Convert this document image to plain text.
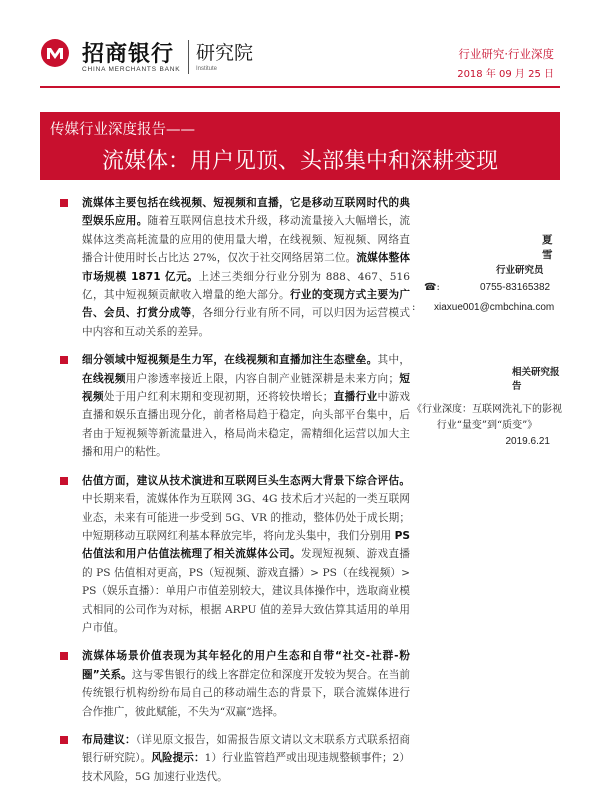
招商银行
CHINA MERCHANTS BANK
研究院
Institute
行业研究·行业深度
2018 年 09 月 25 日
传媒行业深度报告——
流媒体：用户见顶、头部集中和深耕变现
流媒体主要包括在线视频、短视频和直播，它是移动互联网时代的典型娱乐应用。随着互联网信息技术升级，移动流量接入大幅增长，流媒体这类高耗流量的应用的使用量大增，在线视频、短视频、网络直播合计使用时长占比达 27%，仅次于社交网络居第二位。流媒体整体市场规模 1871 亿元。上述三类细分行业分别为 888、467、516 亿，其中短视频贡献收入增量的绝大部分。行业的变现方式主要为广告、会员、打赏分成等，各细分行业有所不同，可以归因为运营模式中内容和互动关系的差异。
细分领域中短视频是生力军，在线视频和直播加注生态壁垒。其中，在线视频用户渗透率接近上限，内容自制产业链深耕是未来方向；短视频处于用户红利末期和变现初期，还将较快增长；直播行业中游戏直播和娱乐直播出现分化，前者格局趋于稳定，向头部平台集中，后者由于短视频等新流量进入，格局尚未稳定，需精细化运营以加大主播和用户的粘性。
估值方面，建议从技术演进和互联网巨头生态两大背景下综合评估。中长期来看，流媒体作为互联网 3G、4G 技术后才兴起的一类互联网业态，未来有可能进一步受到 5G、VR 的推动，整体仍处于成长期；中短期移动互联网红利基本释放完毕，将向龙头集中，我们分别用 PS 估值法和用户估值法梳理了相关流媒体公司。发现短视频、游戏直播的 PS 估值相对更高，PS（短视频、游戏直播）> PS（在线视频）> PS（娱乐直播）：单用户市值差别较大，建议具体操作中，选取商业模式相同的公司作为对标，根据 ARPU 值的差异大致估算其适用的单用户市值。
流媒体场景价值表现为其年轻化的用户生态和自带“社交-社群-粉圈”关系。这与零售银行的线上客群定位和深度开发较为契合。在当前传统银行机构纷纷布局自己的移动端生态的背景下，联合流媒体进行合作推广，彼此赋能，不失为“双赢”选择。
布局建议：（详见原文报告，如需报告原文请以文末联系方式联系招商银行研究院）。风险提示：1）行业监管趋严或出现违规整顿事件；2）技术风险，5G 加速行业迭代。
夏雪
行业研究员
☎:	0755-83165382
: xiaxue001@cmbchina.com
相关研究报告
《行业深度：互联网洗礼下的影视行业“量变”到“质变”》
2019.6.21
